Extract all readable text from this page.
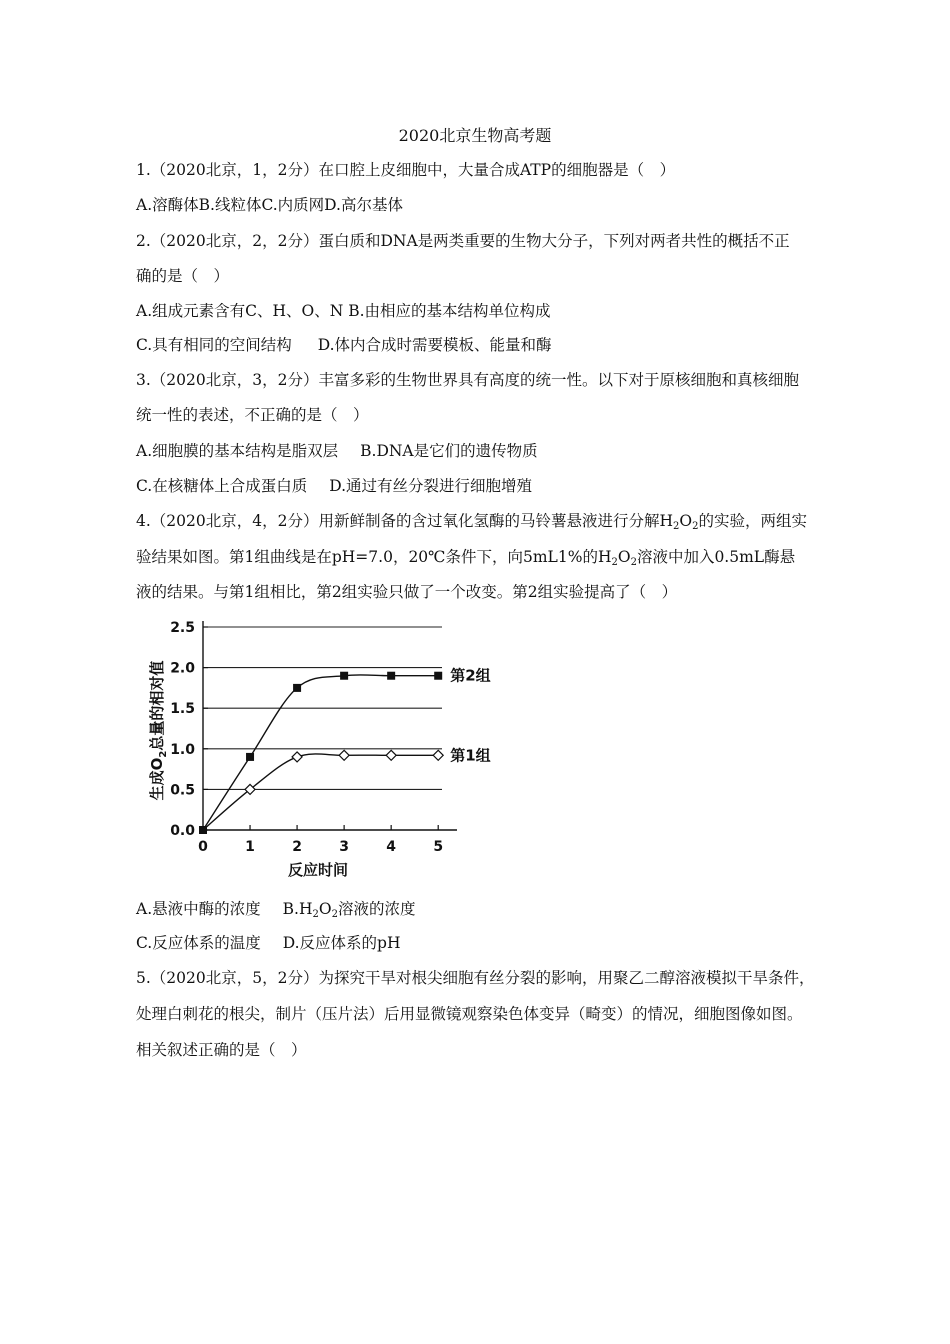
2020北京生物高考题
1.（2020北京，1，2分）在口腔上皮细胞中，大量合成ATP的细胞器是（　）
A.溶酶体B.线粒体C.内质网D.高尔基体
2.（2020北京，2，2分）蛋白质和DNA是两类重要的生物大分子，下列对两者共性的概括不正
确的是（　）
A.组成元素含有C、H、O、N B.由相应的基本结构单位构成
C.具有相同的空间结构 D.体内合成时需要模板、能量和酶
3.（2020北京，3，2分）丰富多彩的生物世界具有高度的统一性。以下对于原核细胞和真核细胞
统一性的表述，不正确的是（　）
A.细胞膜的基本结构是脂双层 B.DNA是它们的遗传物质
C.在核糖体上合成蛋白质 D.通过有丝分裂进行细胞增殖
4.（2020北京，4，2分）用新鲜制备的含过氧化氢酶的马铃薯悬液进行分解$H_2O_2$的实验，两组实
验结果如图。第1组曲线是在pH=7.0，20℃条件下，向5mL1%的$H_2O_2$溶液中加入0.5mL酶悬
液的结果。与第1组相比，第2组实验只做了一个改变。第2组实验提高了（　）
0.0
0.5
1.0
1.5
2.0
2.5
0	1	2	3	4	5
反应时间
生成$O_2$总量的相对值	第2组
第1组
A.悬液中酶的浓度 $B.H_2O_2$溶液的浓度
C.反应体系的温度 D.反应体系的pH
5.（2020北京，5，2分）为探究干旱对根尖细胞有丝分裂的影响，用聚乙二醇溶液模拟干旱条件，
处理白刺花的根尖，制片（压片法）后用显微镜观察染色体变异（畸变）的情况，细胞图像如图。
相关叙述正确的是（　）
